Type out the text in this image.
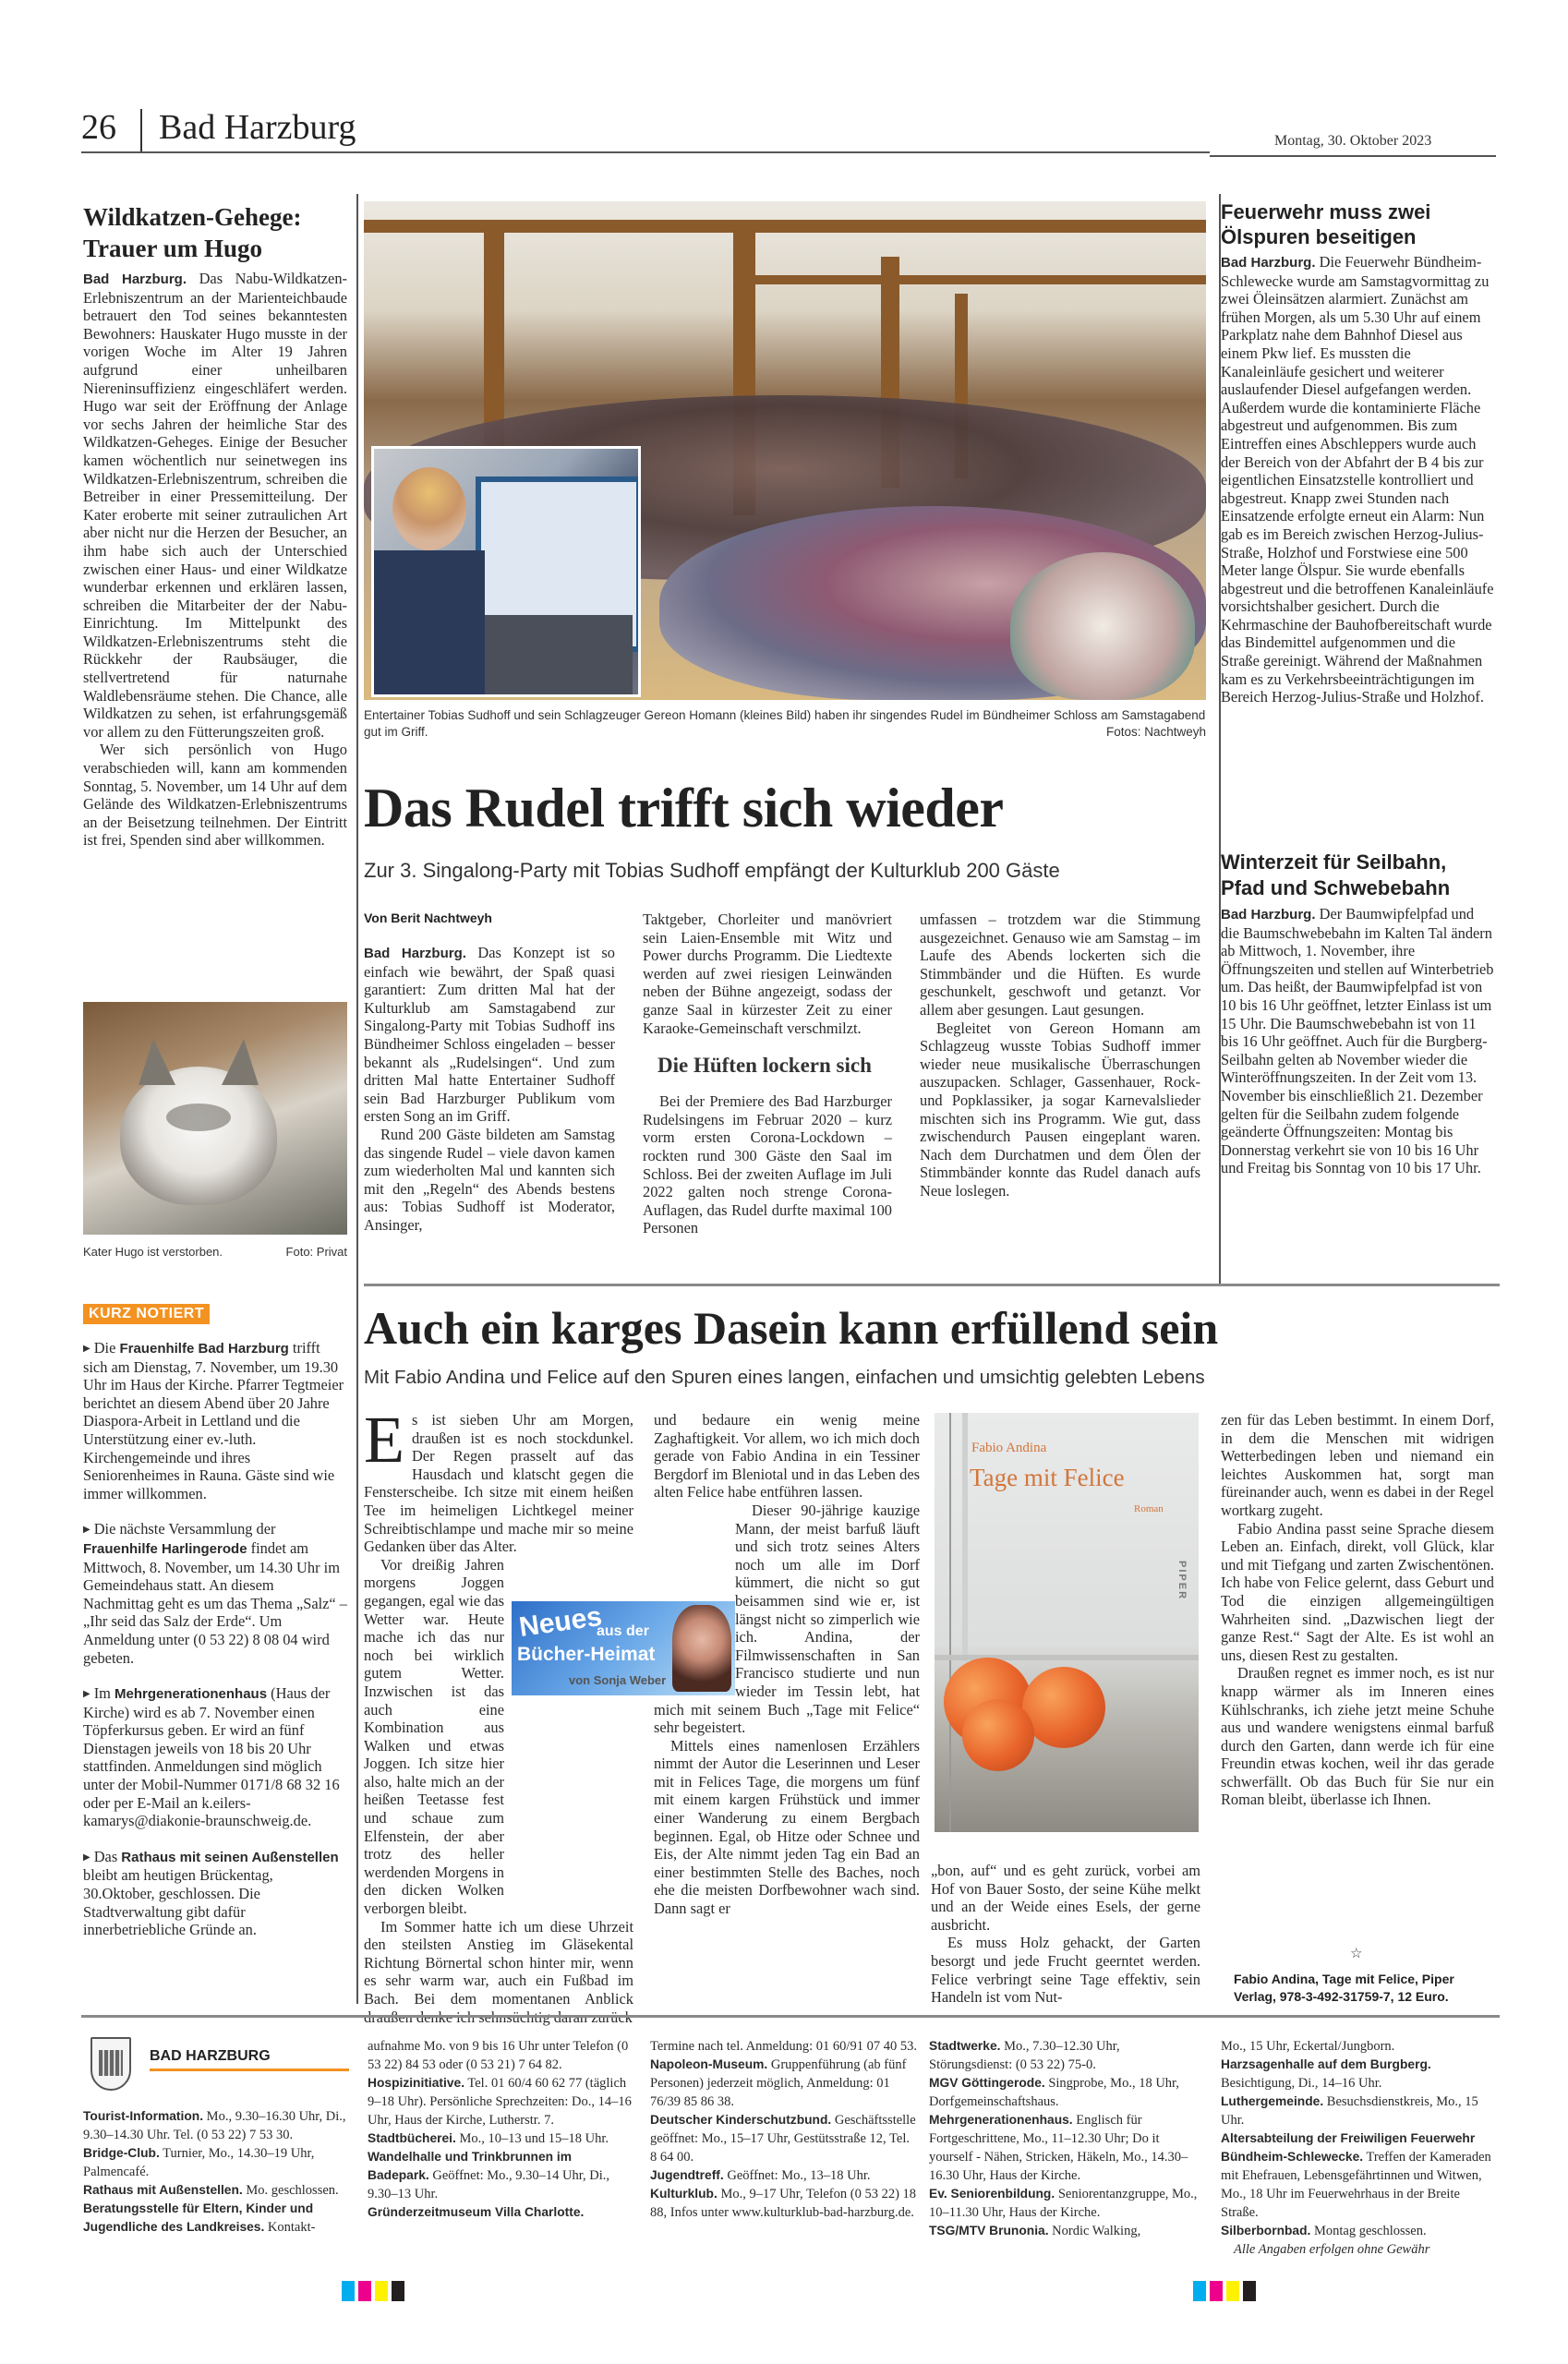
26 Bad Harzburg	Montag, 30. Oktober 2023
Wildkatzen-Gehege: Trauer um Hugo

Bad Harzburg. Das Nabu-Wildkatzen-Erlebniszentrum an der Marienteichbaude betrauert den Tod seines bekanntesten Bewohners: Hauskater Hugo musste in der vorigen Woche im Alter 19 Jahren aufgrund einer unheilbaren Niereninsuffizienz eingeschläfert werden. Hugo war seit der Eröffnung der Anlage vor sechs Jahren der heimliche Star des Wildkatzen-Geheges. Einige der Besucher kamen wöchentlich nur seinetwegen ins Wildkatzen-Erlebniszentrum, schreiben die Betreiber in einer Pressemitteilung. Der Kater eroberte mit seiner zutraulichen Art aber nicht nur die Herzen der Besucher, an ihm habe sich auch der Unterschied zwischen einer Haus- und einer Wildkatze wunderbar erkennen und erklären lassen, schreiben die Mitarbeiter der der Nabu-Einrichtung. Im Mittelpunkt des Wildkatzen-Erlebniszentrums steht die Rückkehr der Raubsäuger, die stellvertretend für naturnahe Waldlebensräume stehen. Die Chance, alle Wildkatzen zu sehen, ist erfahrungsgemäß vor allem zu den Fütterungszeiten groß.

Wer sich persönlich von Hugo verabschieden will, kann am kommenden Sonntag, 5. November, um 14 Uhr auf dem Gelände des Wildkatzen-Erlebniszentrums an der Beisetzung teilnehmen. Der Eintritt ist frei, Spenden sind aber willkommen.

Kater Hugo ist verstorben.	Foto: Privat
KURZ NOTIERT

▶ Die Frauenhilfe Bad Harzburg trifft sich am Dienstag, 7. November, um 19.30 Uhr im Haus der Kirche. Pfarrer Tegtmeier berichtet an diesem Abend über 20 Jahre Diaspora-Arbeit in Lettland und die Unterstützung einer ev.-luth. Kirchengemeinde und ihres Seniorenheimes in Rauna. Gäste sind wie immer willkommen.

▶ Die nächste Versammlung der Frauenhilfe Harlingerode findet am Mittwoch, 8. November, um 14.30 Uhr im Gemeindehaus statt. An diesem Nachmittag geht es um das Thema „Salz“ – „Ihr seid das Salz der Erde“. Um Anmeldung unter (0 53 22) 8 08 04 wird gebeten.

▶ Im Mehrgenerationenhaus (Haus der Kirche) wird es ab 7. November einen Töpferkursus geben. Er wird an fünf Dienstagen jeweils von 18 bis 20 Uhr stattfinden. Anmeldungen sind möglich unter der Mobil-Nummer 0171/8 68 32 16 oder per E-Mail an k.eilers-kamarys@diakonie-braunschweig.de.

▶ Das Rathaus mit seinen Außenstellen bleibt am heutigen Brückentag, 30.Oktober, geschlossen. Die Stadtverwaltung gibt dafür innerbetriebliche Gründe an.

Entertainer Tobias Sudhoff und sein Schlagzeuger Gereon Homann (kleines Bild) haben ihr singendes Rudel im Bündheimer Schloss am Samstagabend gut im Griff.	Fotos: Nachtweyh
Das Rudel trifft sich wieder
Zur 3. Singalong-Party mit Tobias Sudhoff empfängt der Kulturklub 200 Gäste
Von Berit Nachtweyh

Bad Harzburg. Das Konzept ist so einfach wie bewährt, der Spaß quasi garantiert: Zum dritten Mal hat der Kulturklub am Samstagabend zur Singalong-Party mit Tobias Sudhoff ins Bündheimer Schloss eingeladen – besser bekannt als „Rudelsingen“. Und zum dritten Mal hatte Entertainer Sudhoff sein Bad Harzburger Publikum vom ersten Song an im Griff.

Rund 200 Gäste bildeten am Samstag das singende Rudel – viele davon kamen zum wiederholten Mal und kannten sich mit den „Regeln“ des Abends bestens aus: Tobias Sudhoff ist Moderator, Ansinger,

Taktgeber, Chorleiter und manövriert sein Laien-Ensemble mit Witz und Power durchs Programm. Die Liedtexte werden auf zwei riesigen Leinwänden neben der Bühne angezeigt, sodass der ganze Saal in kürzester Zeit zu einer Karaoke-Gemeinschaft verschmilzt.

Die Hüften lockern sich

Bei der Premiere des Bad Harzburger Rudelsingens im Februar 2020 – kurz vorm ersten Corona-Lockdown – rockten rund 300 Gäste den Saal im Schloss. Bei der zweiten Auflage im Juli 2022 galten noch strenge Corona-Auflagen, das Rudel durfte maximal 100 Personen

umfassen – trotzdem war die Stimmung ausgezeichnet. Genauso wie am Samstag – im Laufe des Abends lockerten sich die Stimmbänder und die Hüften. Es wurde geschunkelt, geschwoft und getanzt. Vor allem aber gesungen. Laut gesungen.

Begleitet von Gereon Homann am Schlagzeug wusste Tobias Sudhoff immer wieder neue musikalische Überraschungen auszupacken. Schlager, Gassenhauer, Rock- und Popklassiker, ja sogar Karnevalslieder mischten sich ins Programm. Wie gut, dass zwischendurch Pausen eingeplant waren. Nach dem Durchatmen und dem Ölen der Stimmbänder konnte das Rudel danach aufs Neue loslegen.

Feuerwehr muss zwei Ölspuren beseitigen

Bad Harzburg. Die Feuerwehr Bündheim-Schlewecke wurde am Samstagvormittag zu zwei Öleinsätzen alarmiert. Zunächst am frühen Morgen, als um 5.30 Uhr auf einem Parkplatz nahe dem Bahnhof Diesel aus einem Pkw lief. Es mussten die Kanaleinläufe gesichert und weiterer auslaufender Diesel aufgefangen werden. Außerdem wurde die kontaminierte Fläche abgestreut und aufgenommen. Bis zum Eintreffen eines Abschleppers wurde auch der Bereich von der Abfahrt der B 4 bis zur eigentlichen Einsatzstelle kontrolliert und abgestreut. Knapp zwei Stunden nach Einsatzende erfolgte erneut ein Alarm: Nun gab es im Bereich zwischen Herzog-Julius-Straße, Holzhof und Forstwiese eine 500 Meter lange Ölspur. Sie wurde ebenfalls abgestreut und die betroffenen Kanaleinläufe vorsichtshalber gesichert. Durch die Kehrmaschine der Bauhofbereitschaft wurde das Bindemittel aufgenommen und die Straße gereinigt. Während der Maßnahmen kam es zu Verkehrsbeeinträchtigungen im Bereich Herzog-Julius-Straße und Holzhof.

Winterzeit für Seilbahn, Pfad und Schwebebahn

Bad Harzburg. Der Baumwipfelpfad und die Baumschwebebahn im Kalten Tal ändern ab Mittwoch, 1. November, ihre Öffnungszeiten und stellen auf Winterbetrieb um. Das heißt, der Baumwipfelpfad ist von 10 bis 16 Uhr geöffnet, letzter Einlass ist um 15 Uhr. Die Baumschwebebahn ist von 11 bis 16 Uhr geöffnet. Auch für die Burgberg-Seilbahn gelten ab November wieder die Winteröffnungszeiten. In der Zeit vom 13. November bis einschließlich 21. Dezember gelten für die Seilbahn zudem folgende geänderte Öffnungszeiten: Montag bis Donnerstag verkehrt sie von 10 bis 16 Uhr und Freitag bis Sonntag von 10 bis 17 Uhr.

Auch ein karges Dasein kann erfüllend sein
Mit Fabio Andina und Felice auf den Spuren eines langen, einfachen und umsichtig gelebten Lebens

Es ist sieben Uhr am Morgen, draußen ist es noch stockdunkel. Der Regen prasselt auf das Hausdach und klatscht gegen die Fensterscheibe. Ich sitze mit einem heißen Tee im heimeligen Lichtkegel meiner Schreibtischlampe und mache mir so meine Gedanken über das Alter.

Vor dreißig Jahren morgens Joggen gegangen, egal wie das Wetter war. Heute mache ich das nur noch bei wirklich gutem Wetter. Inzwischen ist das auch eine Kombination aus Walken und etwas Joggen. Ich sitze hier also, halte mich an der heißen Teetasse fest und schaue zum Elfenstein, der aber trotz des heller werdenden Morgens in den dicken Wolken verborgen bleibt.

Im Sommer hatte ich um diese Uhrzeit den steilsten Anstieg im Gläsekental Richtung Börnertal schon hinter mir, wenn es sehr warm war, auch ein Fußbad im Bach. Bei dem momentanen Anblick

und bedaure ein wenig meine Zaghaftigkeit. Vor allem, wo ich mich doch gerade von Fabio Andina in ein Tessiner Bergdorf im Bleniotal und in das Leben des alten Felice habe entführen lassen.

Dieser 90-jährige kauzige Mann, der meist barfuß läuft und sich trotz seines Alters noch um alle im Dorf kümmert, die nicht so gut beisammen sind wie er, ist längst nicht so zimperlich wie ich. Andina, der Filmwissenschaften in San Francisco studierte und nun wieder im Tessin lebt, hat mich mit seinem Buch „Tage mit Felice“ sehr begeistert.

Mittels eines namenlosen Erzählers nimmt der Autor die Leserinnen und Leser mit in Felices Tage, die morgens um fünf mit einem kargen Frühstück und immer einer Wanderung zu einem Bergbach beginnen. Egal, ob Hitze oder Schnee und Eis, der Alte nimmt jeden Tag ein Bad an einer bestimmten Stelle des Baches, noch ehe die meisten Dorfbewohner wach sind. Dann sagt er

Neues
aus der
Bücher-Heimat
von Sonja Weber
Fabio Andina
Tage mit Felice
Roman
PIPER

„bon, auf“ und es geht zurück, vorbei am Hof von Bauer Sosto, der seine Kühe melkt und an der Weide eines Esels, der gerne ausbricht.

Es muss Holz gehackt, der Garten besorgt und jede Frucht geerntet werden. Felice verbringt seine Tage effektiv, sein Handeln ist vom Nut-

zen für das Leben bestimmt. In einem Dorf, in dem die Menschen mit widrigen Wetterbedingen leben und niemand ein leichtes Auskommen hat, sorgt man füreinander auch, wenn es dabei in der Regel wortkarg zugeht.

Fabio Andina passt seine Sprache diesem Leben an. Einfach, direkt, voll Glück, klar und mit Tiefgang und zarten Zwischentönen. Ich habe von Felice gelernt, dass Geburt und Tod die einzigen allgemeingültigen Wahrheiten sind. „Dazwischen liegt der ganze Rest.“ Sagt der Alte. Es ist wohl an uns, diesen Rest zu gestalten.

Draußen regnet es immer noch, es ist nur knapp wärmer als im Inneren eines Kühlschranks, ich ziehe jetzt meine Schuhe aus und wandere wenigstens einmal barfuß durch den Garten, dann werde ich für eine Freundin etwas kochen, weil ihr das gerade schwerfällt. Ob das Buch für Sie nur ein Roman bleibt, überlasse ich Ihnen.

☆
Fabio Andina, Tage mit Felice, Piper Verlag, 978-3-492-31759-7, 12 Euro.
BAD HARZBURG
Tourist-Information. Mo., 9.30–16.30 Uhr, Di., 9.30–14.30 Uhr. Tel. (0 53 22) 7 53 30.
Bridge-Club. Turnier, Mo., 14.30–19 Uhr, Palmencafé.
Rathaus mit Außenstellen. Mo. geschlossen.
Beratungsstelle für Eltern, Kinder und Jugendliche des Landkreises. Kontakt-
aufnahme Mo. von 9 bis 16 Uhr unter Telefon (0 53 22) 84 53 oder (0 53 21) 7 64 82.
Hospizinitiative. Tel. 01 60/4 60 62 77 (täglich 9–18 Uhr). Persönliche Sprechzeiten: Do., 14–16 Uhr, Haus der Kirche, Lutherstr. 7.
Stadtbücherei. Mo., 10–13 und 15–18 Uhr.
Wandelhalle und Trinkbrunnen im Badepark. Geöffnet: Mo., 9.30–14 Uhr, Di., 9.30–13 Uhr.
Gründerzeitmuseum Villa Charlotte.
Termine nach tel. Anmeldung: 01 60/91 07 40 53.
Napoleon-Museum. Gruppenführung (ab fünf Personen) jederzeit möglich, Anmeldung: 01 76/39 85 86 38.
Deutscher Kinderschutzbund. Geschäftsstelle geöffnet: Mo., 15–17 Uhr, Gestütsstraße 12, Tel. 8 64 00.
Jugendtreff. Geöffnet: Mo., 13–18 Uhr.
Kulturklub. Mo., 9–17 Uhr, Telefon (0 53 22) 18 88, Infos unter www.kulturklub-bad-harzburg.de.
Stadtwerke. Mo., 7.30–12.30 Uhr, Störungsdienst: (0 53 22) 75-0.
MGV Göttingerode. Singprobe, Mo., 18 Uhr, Dorfgemeinschaftshaus.
Mehrgenerationenhaus. Englisch für Fortgeschrittene, Mo., 11–12.30 Uhr; Do it yourself - Nähen, Stricken, Häkeln, Mo., 14.30–16.30 Uhr, Haus der Kirche.
Ev. Seniorenbildung. Seniorentanzgruppe, Mo., 10–11.30 Uhr, Haus der Kirche.
TSG/MTV Brunonia. Nordic Walking,
Mo., 15 Uhr, Eckertal/Jungborn.
Harzsagenhalle auf dem Burgberg. Besichtigung, Di., 14–16 Uhr.
Luthergemeinde. Besuchsdienstkreis, Mo., 15 Uhr.
Altersabteilung der Freiwiligen Feuerwehr Bündheim-Schlewecke. Treffen der Kameraden mit Ehefrauen, Lebensgefährtinnen und Witwen, Mo., 18 Uhr im Feuerwehrhaus in der Breite Straße.
Silberbornbad. Montag geschlossen.
Alle Angaben erfolgen ohne Gewähr
